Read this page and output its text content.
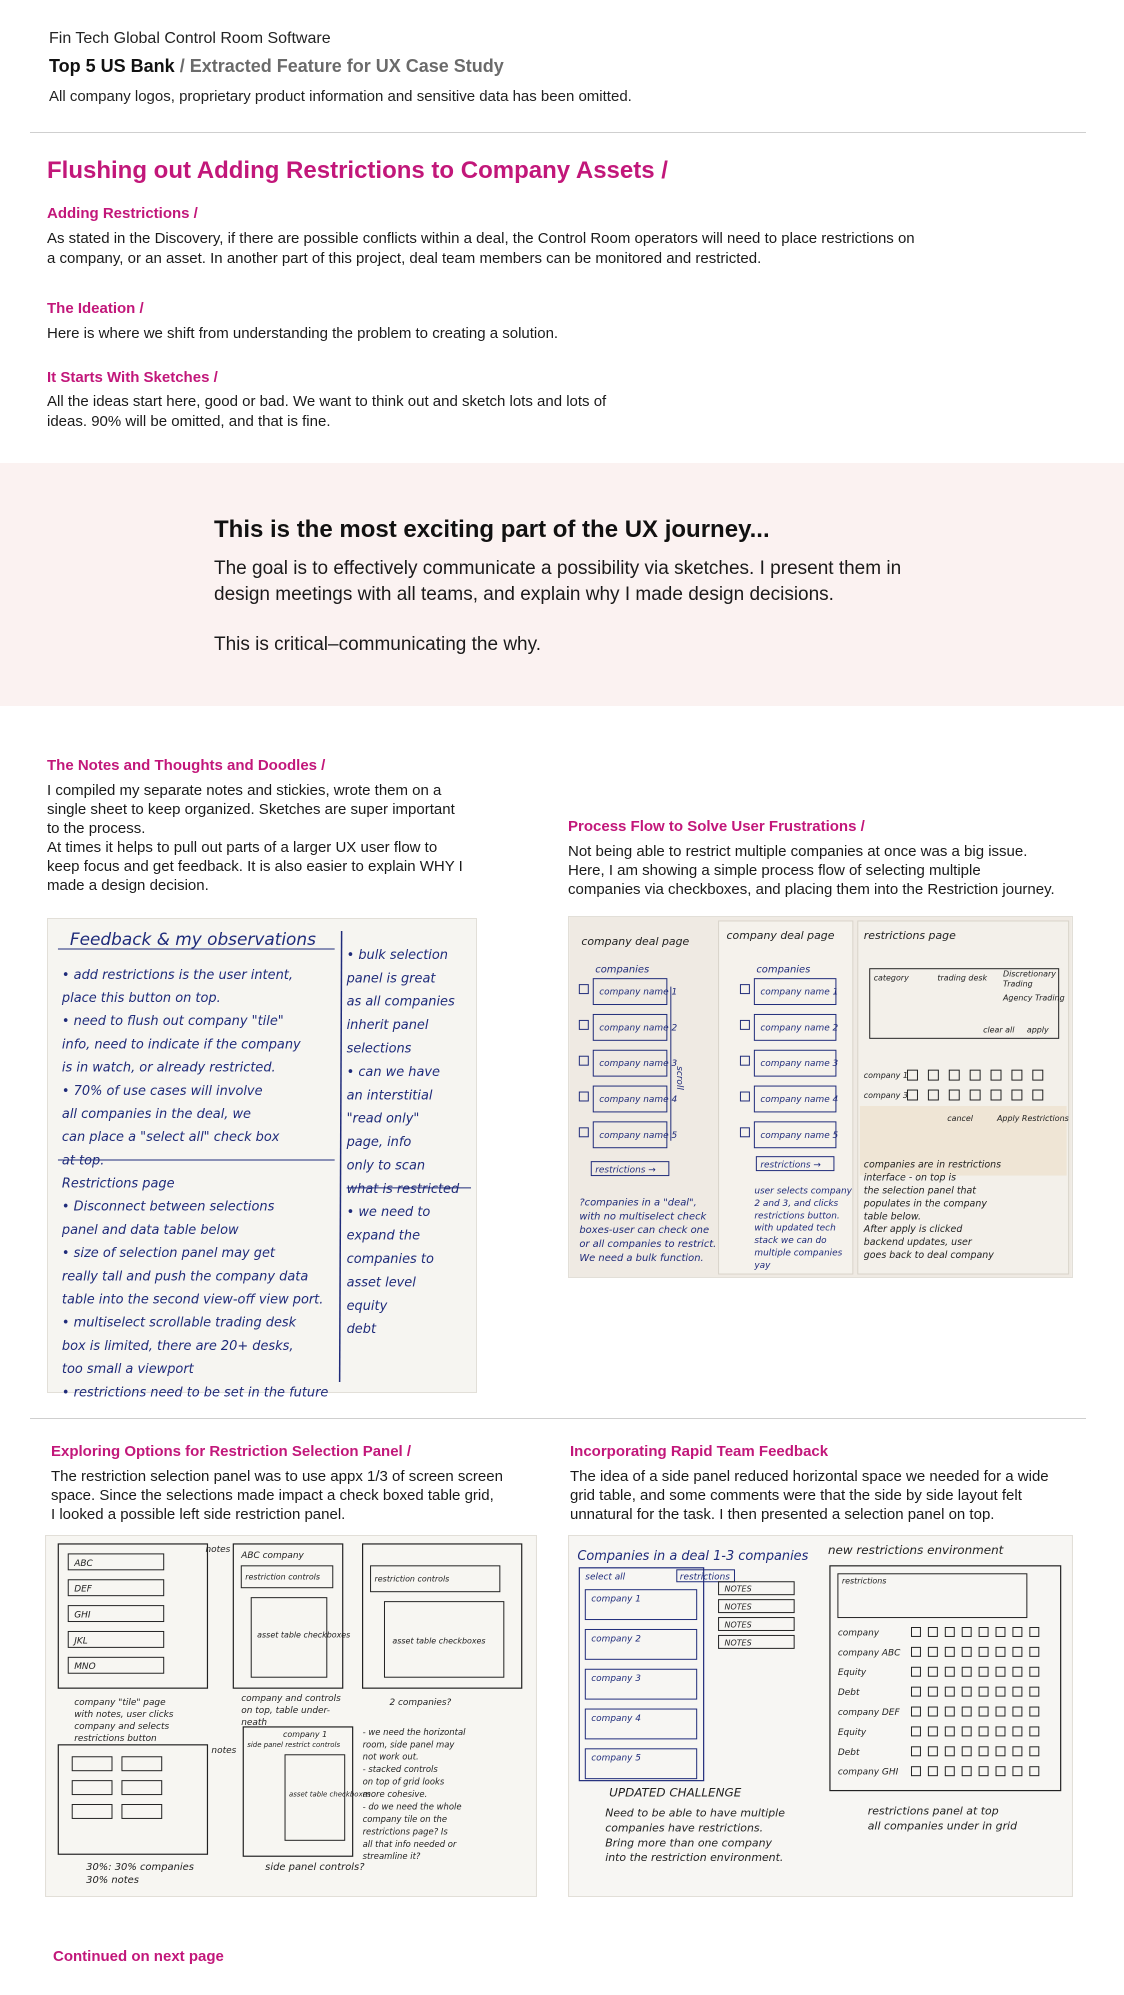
Fin Tech Global Control Room Software
Top 5 US Bank / Extracted Feature for UX Case Study
All company logos, proprietary product information and sensitive data has been omitted.
Flushing out Adding Restrictions to Company Assets /
Adding Restrictions /
As stated in the Discovery, if there are possible conflicts within a deal, the Control Room operators will need to place restrictions on
a company, or an asset. In another part of this project, deal team members can be monitored and restricted.
The Ideation /
Here is where we shift from understanding the problem to creating a solution.
It Starts With Sketches /
All the ideas start here, good or bad. We want to think out and sketch lots and lots of
ideas. 90% will be omitted, and that is fine.
This is the most exciting part of the UX journey...
The goal is to effectively communicate a possibility via sketches. I present them in
design meetings with all teams, and explain why I made design decisions.
This is critical–communicating the why.
The Notes and Thoughts and Doodles /
I compiled my separate notes and stickies, wrote them on a
single sheet to keep organized. Sketches are super important
to the process.
At times it helps to pull out parts of a larger UX user flow to
keep focus and get feedback. It is also easier to explain WHY I
made a design decision.
Process Flow to Solve User Frustrations /
Not being able to restrict multiple companies at once was a big issue.
Here, I am showing a simple process flow of selecting multiple
companies via checkboxes, and placing them into the Restriction journey.
Feedback & my observations
• add restrictions is the user intent,
place this button on top.
• need to flush out company "tile"
info, need to indicate if the company
is in watch, or already restricted.
• 70% of use cases will involve
all companies in the deal, we
can place a "select all" check box
at top.
Restrictions page
• Disconnect between selections
panel and data table below
• size of selection panel may get
really tall and push the company data
table into the second view-off view port.
• multiselect scrollable trading desk
box is limited, there are 20+ desks,
too small a viewport
• restrictions need to be set in the future
• bulk selection
panel is great
as all companies
inherit panel
selections
• can we have
an interstitial
"read only"
page, info
only to scan
what is restricted
• we need to
expand the
companies to
asset level
equity
debt
company deal page	company deal page	restrictions page
companies	companies
company name 1
company name 2
company name 3
company name 4
company name 5
company name 1
company name 2
company name 3
company name 4
company name 5
scroll
restrictions →	restrictions →
category	trading desk Discretionary
Trading
Agency Trading
clear all apply
company 1
company 3
cancel	Apply Restrictions
?companies in a "deal",
with no multiselect check
boxes-user can check one
or all companies to restrict.
We need a bulk function.
user selects company
2 and 3, and clicks
restrictions button.
with updated tech
stack we can do
multiple companies
yay
companies are in restrictions
interface - on top is
the selection panel that
populates in the company
table below.
After apply is clicked
backend updates, user
goes back to deal company
Exploring Options for Restriction Selection Panel /
The restriction selection panel was to use appx 1/3 of screen screen
space. Since the selections made impact a check boxed table grid,
I looked a possible left side restriction panel.
Incorporating Rapid Team Feedback
The idea of a side panel reduced horizontal space we needed for a wide
grid table, and some comments were that the side by side layout felt
unnatural for the task. I then presented a selection panel on top.
ABC
DEF
GHI
JKL
MNO
notes
ABC company
restriction controls
asset table checkboxes
restriction controls
asset table checkboxes
company "tile" page
with notes, user clicks
company and selects
restrictions button
company and controls
on top, table under-
neath
2 companies?
notes
side panel restrict controls
company 1
asset table checkboxes
side panel controls?
30%: 30% companies
30% notes
- we need the horizontal
room, side panel may
not work out.
- stacked controls
on top of grid looks
more cohesive.
- do we need the whole
company tile on the
restrictions page? Is
all that info needed or
streamline it?
Companies in a deal 1-3 companies new restrictions environment
select all	restrictions
company 1
company 2
company 3
company 4
company 5
NOTES
NOTES
NOTES
NOTES
UPDATED CHALLENGE
Need to be able to have multiple
companies have restrictions.
Bring more than one company
into the restriction environment.
restrictions
company
company ABC
Equity
Debt
company DEF
Equity
Debt
company GHI
restrictions panel at top
all companies under in grid
Continued on next page
